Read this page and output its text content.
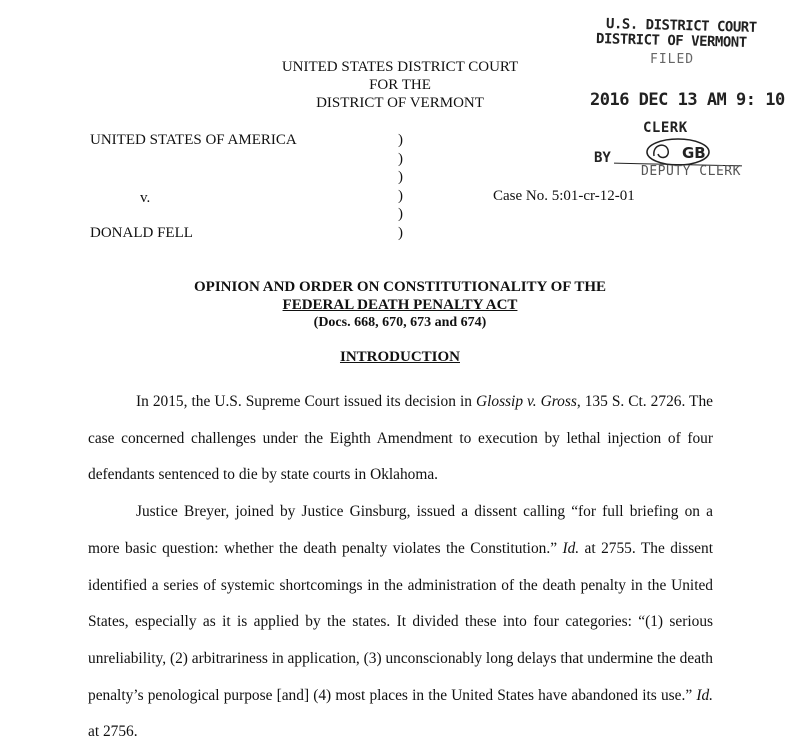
UNITED STATES DISTRICT COURT
FOR THE
DISTRICT OF VERMONT
U.S. DISTRICT COURT
DISTRICT OF VERMONT
FILED
2016 DEC 13 AM 9: 10
CLERK
BY	GB
DEPUTY CLERK
UNITED STATES OF AMERICA
v.
DONALD FELL
)
)
)
)
)
)
Case No. 5:01-cr-12-01
OPINION AND ORDER ON CONSTITUTIONALITY OF THE
FEDERAL DEATH PENALTY ACT
(Docs. 668, 670, 673 and 674)
INTRODUCTION

In 2015, the U.S. Supreme Court issued its decision in Glossip v. Gross, 135 S. Ct. 2726. The case concerned challenges under the Eighth Amendment to execution by lethal injection of four defendants sentenced to die by state courts in Oklahoma.

Justice Breyer, joined by Justice Ginsburg, issued a dissent calling “for full briefing on a more basic question: whether the death penalty violates the Constitution.” Id. at 2755. The dissent identified a series of systemic shortcomings in the administration of the death penalty in the United States, especially as it is applied by the states. It divided these into four categories: “(1) serious unreliability, (2) arbitrariness in application, (3) unconscionably long delays that undermine the death penalty’s penological purpose [and] (4) most places in the United States have abandoned its use.” Id. at 2756.
